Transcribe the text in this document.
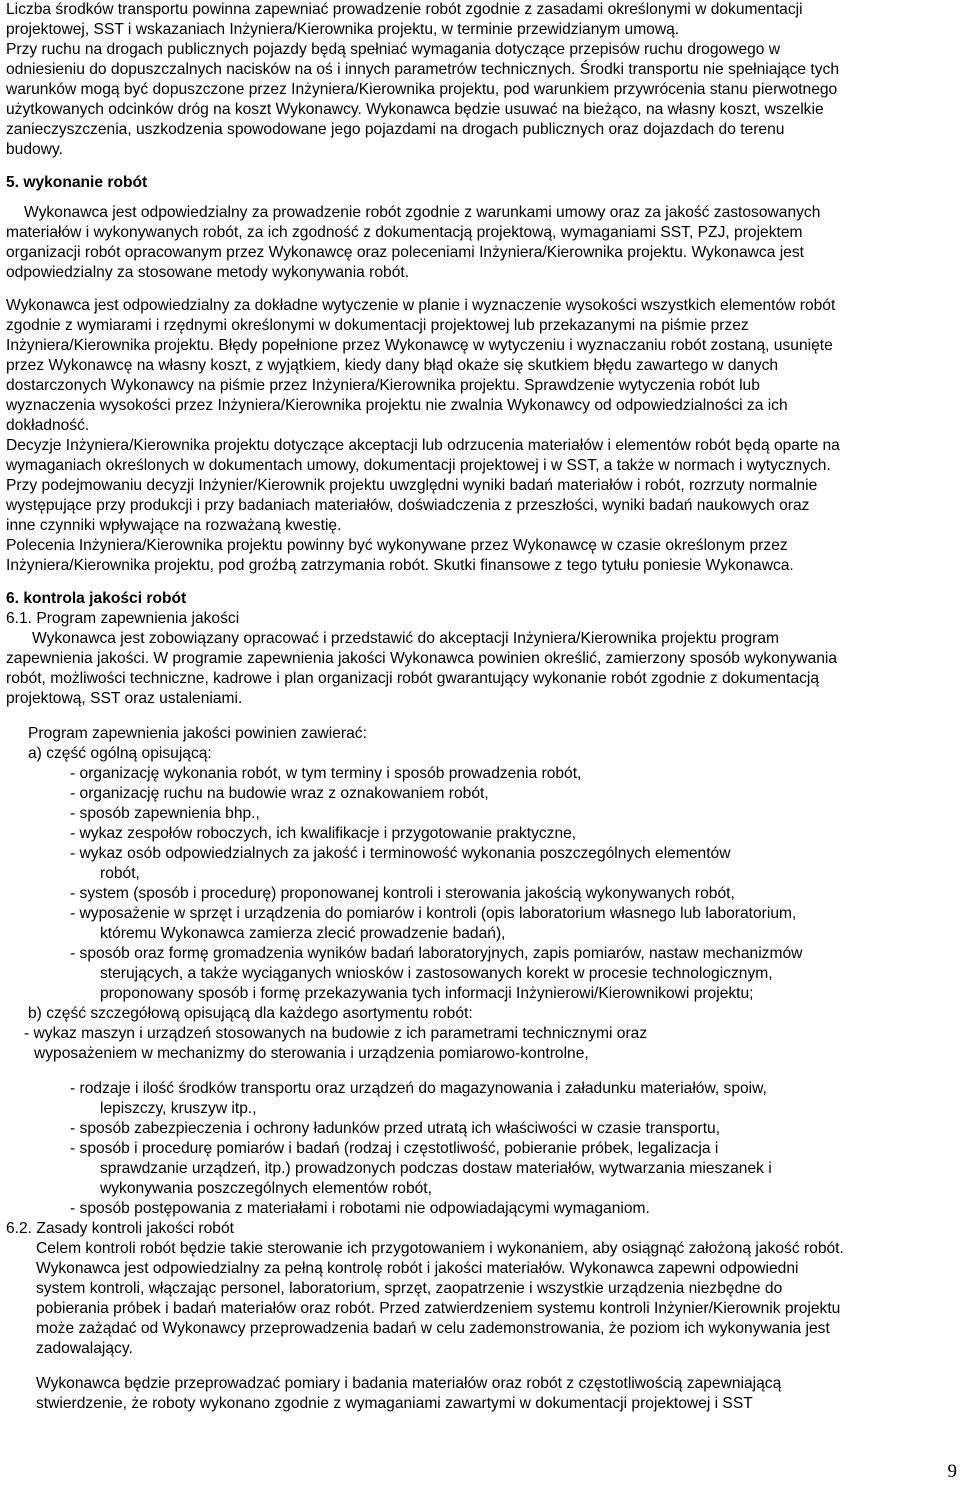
Liczba środków transportu powinna zapewniać prowadzenie robót zgodnie z zasadami określonymi w dokumentacji
projektowej, SST i wskazaniach Inżyniera/Kierownika projektu, w terminie przewidzianym umową.
Przy ruchu na drogach publicznych pojazdy będą spełniać wymagania dotyczące przepisów ruchu drogowego w
odniesieniu do dopuszczalnych nacisków na oś i innych parametrów technicznych. Środki transportu nie spełniające tych
warunków mogą być dopuszczone przez Inżyniera/Kierownika projektu, pod warunkiem przywrócenia stanu pierwotnego
użytkowanych odcinków dróg na koszt Wykonawcy. Wykonawca będzie usuwać na bieżąco, na własny koszt, wszelkie
zanieczyszczenia, uszkodzenia spowodowane jego pojazdami na drogach publicznych oraz dojazdach do terenu
budowy.
5. wykonanie robót
Wykonawca jest odpowiedzialny za prowadzenie robót zgodnie z warunkami umowy oraz za jakość zastosowanych
materiałów i wykonywanych robót, za ich zgodność z dokumentacją projektową, wymaganiami SST, PZJ, projektem
organizacji robót opracowanym przez Wykonawcę oraz poleceniami Inżyniera/Kierownika projektu. Wykonawca jest
odpowiedzialny za stosowane metody wykonywania robót.
Wykonawca jest odpowiedzialny za dokładne wytyczenie w planie i wyznaczenie wysokości wszystkich elementów robót
zgodnie z wymiarami i rzędnymi określonymi w dokumentacji projektowej lub przekazanymi na piśmie przez
Inżyniera/Kierownika projektu. Błędy popełnione przez Wykonawcę w wytyczeniu i wyznaczaniu robót zostaną, usunięte
przez Wykonawcę na własny koszt, z wyjątkiem, kiedy dany błąd okaże się skutkiem błędu zawartego w danych
dostarczonych Wykonawcy na piśmie przez Inżyniera/Kierownika projektu. Sprawdzenie wytyczenia robót lub
wyznaczenia wysokości przez Inżyniera/Kierownika projektu nie zwalnia Wykonawcy od odpowiedzialności za ich
dokładność.
Decyzje Inżyniera/Kierownika projektu dotyczące akceptacji lub odrzucenia materiałów i elementów robót będą oparte na
wymaganiach określonych w dokumentach umowy, dokumentacji projektowej i w SST, a także w normach i wytycznych.
Przy podejmowaniu decyzji Inżynier/Kierownik projektu uwzględni wyniki badań materiałów i robót, rozrzuty normalnie
występujące przy produkcji i przy badaniach materiałów, doświadczenia z przeszłości, wyniki badań naukowych oraz
inne czynniki wpływające na rozważaną kwestię.
Polecenia Inżyniera/Kierownika projektu powinny być wykonywane przez Wykonawcę w czasie określonym przez
Inżyniera/Kierownika projektu, pod groźbą zatrzymania robót. Skutki finansowe z tego tytułu poniesie Wykonawca.
6. kontrola jakości robót
6.1. Program zapewnienia jakości
Wykonawca jest zobowiązany opracować i przedstawić do akceptacji Inżyniera/Kierownika projektu program
zapewnienia jakości. W programie zapewnienia jakości Wykonawca powinien określić, zamierzony sposób wykonywania
robót, możliwości techniczne, kadrowe i plan organizacji robót gwarantujący wykonanie robót zgodnie z dokumentacją
projektową, SST oraz ustaleniami.
Program zapewnienia jakości powinien zawierać:
a) część ogólną opisującą:
- organizację wykonania robót, w tym terminy i sposób prowadzenia robót,
- organizację ruchu na budowie wraz z oznakowaniem robót,
- sposób zapewnienia bhp.,
- wykaz zespołów roboczych, ich kwalifikacje i przygotowanie praktyczne,
- wykaz osób odpowiedzialnych za jakość i terminowość wykonania poszczególnych elementów
robót,
- system (sposób i procedurę) proponowanej kontroli i sterowania jakością wykonywanych robót,
- wyposażenie w sprzęt i urządzenia do pomiarów i kontroli (opis laboratorium własnego lub laboratorium,
któremu Wykonawca zamierza zlecić prowadzenie badań),
- sposób oraz formę gromadzenia wyników badań laboratoryjnych, zapis pomiarów, nastaw mechanizmów
sterujących, a także wyciąganych wniosków i zastosowanych korekt w procesie technologicznym,
proponowany sposób i formę przekazywania tych informacji Inżynierowi/Kierownikowi projektu;
b) część szczegółową opisującą dla każdego asortymentu robót:
- wykaz maszyn i urządzeń stosowanych na budowie z ich parametrami technicznymi oraz
wyposażeniem w mechanizmy do sterowania i urządzenia pomiarowo-kontrolne,
- rodzaje i ilość środków transportu oraz urządzeń do magazynowania i załadunku materiałów, spoiw,
lepiszczy, kruszyw itp.,
- sposób zabezpieczenia i ochrony ładunków przed utratą ich właściwości w czasie transportu,
- sposób i procedurę pomiarów i badań (rodzaj i częstotliwość, pobieranie próbek, legalizacja i
sprawdzanie urządzeń, itp.) prowadzonych podczas dostaw materiałów, wytwarzania mieszanek i
wykonywania poszczególnych elementów robót,
- sposób postępowania z materiałami i robotami nie odpowiadającymi wymaganiom.
6.2. Zasady kontroli jakości robót
Celem kontroli robót będzie takie sterowanie ich przygotowaniem i wykonaniem, aby osiągnąć założoną jakość robót.
Wykonawca jest odpowiedzialny za pełną kontrolę robót i jakości materiałów. Wykonawca zapewni odpowiedni
system kontroli, włączając personel, laboratorium, sprzęt, zaopatrzenie i wszystkie urządzenia niezbędne do
pobierania próbek i badań materiałów oraz robót. Przed zatwierdzeniem systemu kontroli Inżynier/Kierownik projektu
może zażądać od Wykonawcy przeprowadzenia badań w celu zademonstrowania, że poziom ich wykonywania jest
zadowalający.
Wykonawca będzie przeprowadzać pomiary i badania materiałów oraz robót z częstotliwością zapewniającą
stwierdzenie, że roboty wykonano zgodnie z wymaganiami zawartymi w dokumentacji projektowej i SST
9
